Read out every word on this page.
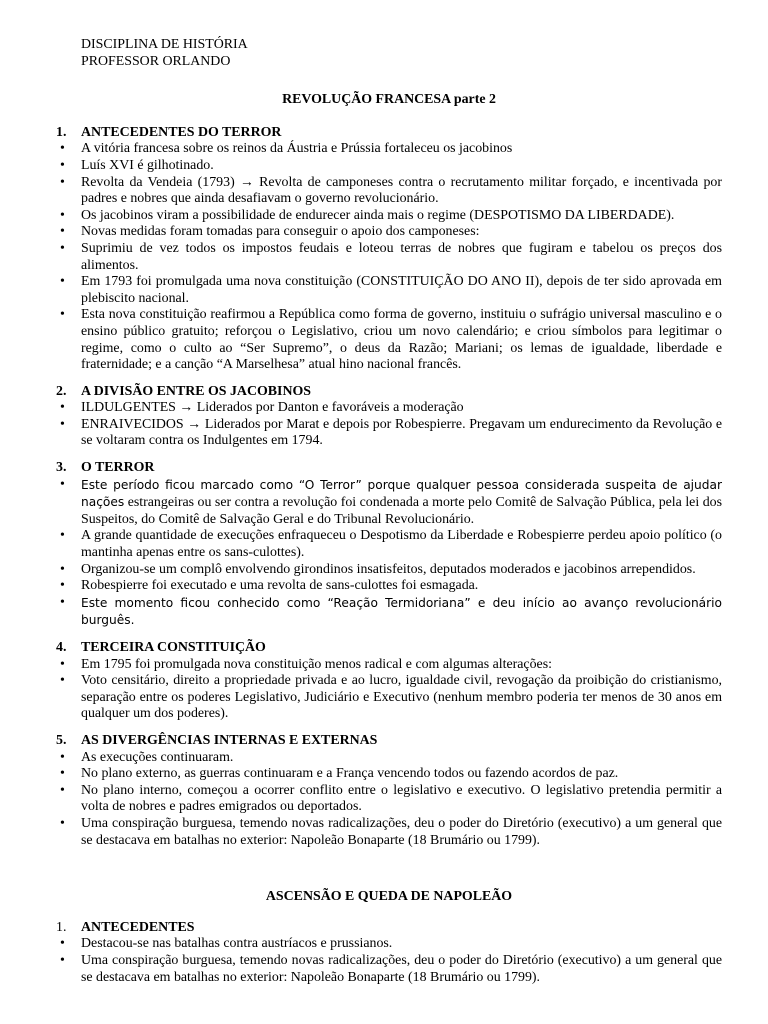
DISCIPLINA DE HISTÓRIA

PROFESSOR ORLANDO

REVOLUÇÃO FRANCESA parte 2
1.	ANTECEDENTES DO TERROR
• A vitória francesa sobre os reinos da Áustria e Prússia fortaleceu os jacobinos
• Luís XVI é gilhotinado.
• Revolta da Vendeia (1793) → Revolta de camponeses contra o recrutamento militar forçado, e incentivada por padres e nobres que ainda desafiavam o governo revolucionário.
• Os jacobinos viram a possibilidade de endurecer ainda mais o regime (DESPOTISMO DA LIBERDADE).
• Novas medidas foram tomadas para conseguir o apoio dos camponeses:
• Suprimiu de vez todos os impostos feudais e loteou terras de nobres que fugiram e tabelou os preços dos alimentos.
• Em 1793 foi promulgada uma nova constituição (CONSTITUIÇÃO DO ANO II), depois de ter sido aprovada em plebiscito nacional.
• Esta nova constituição reafirmou a República como forma de governo, instituiu o sufrágio universal masculino e o ensino público gratuito; reforçou o Legislativo, criou um novo calendário; e criou símbolos para legitimar o regime, como o culto ao “Ser Supremo”, o deus da Razão; Mariani; os lemas de igualdade, liberdade e fraternidade; e a canção “A Marselhesa” atual hino nacional francês.
2.	A DIVISÃO ENTRE OS JACOBINOS
• ILDULGENTES → Liderados por Danton e favoráveis a moderação
• ENRAIVECIDOS → Liderados por Marat e depois por Robespierre. Pregavam um endurecimento da Revolução e se voltaram contra os Indulgentes em 1794.
3.	O TERROR
• Este período ficou marcado como “O Terror” porque qualquer pessoa considerada suspeita de ajudar nações estrangeiras ou ser contra a revolução foi condenada a morte pelo Comitê de Salvação Pública, pela lei dos Suspeitos, do Comitê de Salvação Geral e do Tribunal Revolucionário.
• A grande quantidade de execuções enfraqueceu o Despotismo da Liberdade e Robespierre perdeu apoio político (o mantinha apenas entre os sans-culottes).
• Organizou-se um complô envolvendo girondinos insatisfeitos, deputados moderados e jacobinos arrependidos.
• Robespierre foi executado e uma revolta de sans-culottes foi esmagada.
• Este momento ficou conhecido como “Reação Termidoriana” e deu início ao avanço revolucionário burguês.
4.	TERCEIRA CONSTITUIÇÃO
• Em 1795 foi promulgada nova constituição menos radical e com algumas alterações:
• Voto censitário, direito a propriedade privada e ao lucro, igualdade civil, revogação da proibição do cristianismo, separação entre os poderes Legislativo, Judiciário e Executivo (nenhum membro poderia ter menos de 30 anos em qualquer um dos poderes).
5.	AS DIVERGÊNCIAS INTERNAS E EXTERNAS
• As execuções continuaram.
• No plano externo, as guerras continuaram e a França vencendo todos ou fazendo acordos de paz.
• No plano interno, começou a ocorrer conflito entre o legislativo e executivo. O legislativo pretendia permitir a volta de nobres e padres emigrados ou deportados.
• Uma conspiração burguesa, temendo novas radicalizações, deu o poder do Diretório (executivo) a um general que se destacava em batalhas no exterior: Napoleão Bonaparte (18 Brumário ou 1799).
ASCENSÃO E QUEDA DE NAPOLEÃO
1.	ANTECEDENTES
• Destacou-se nas batalhas contra austríacos e prussianos.
• Uma conspiração burguesa, temendo novas radicalizações, deu o poder do Diretório (executivo) a um general que se destacava em batalhas no exterior: Napoleão Bonaparte (18 Brumário ou 1799).
